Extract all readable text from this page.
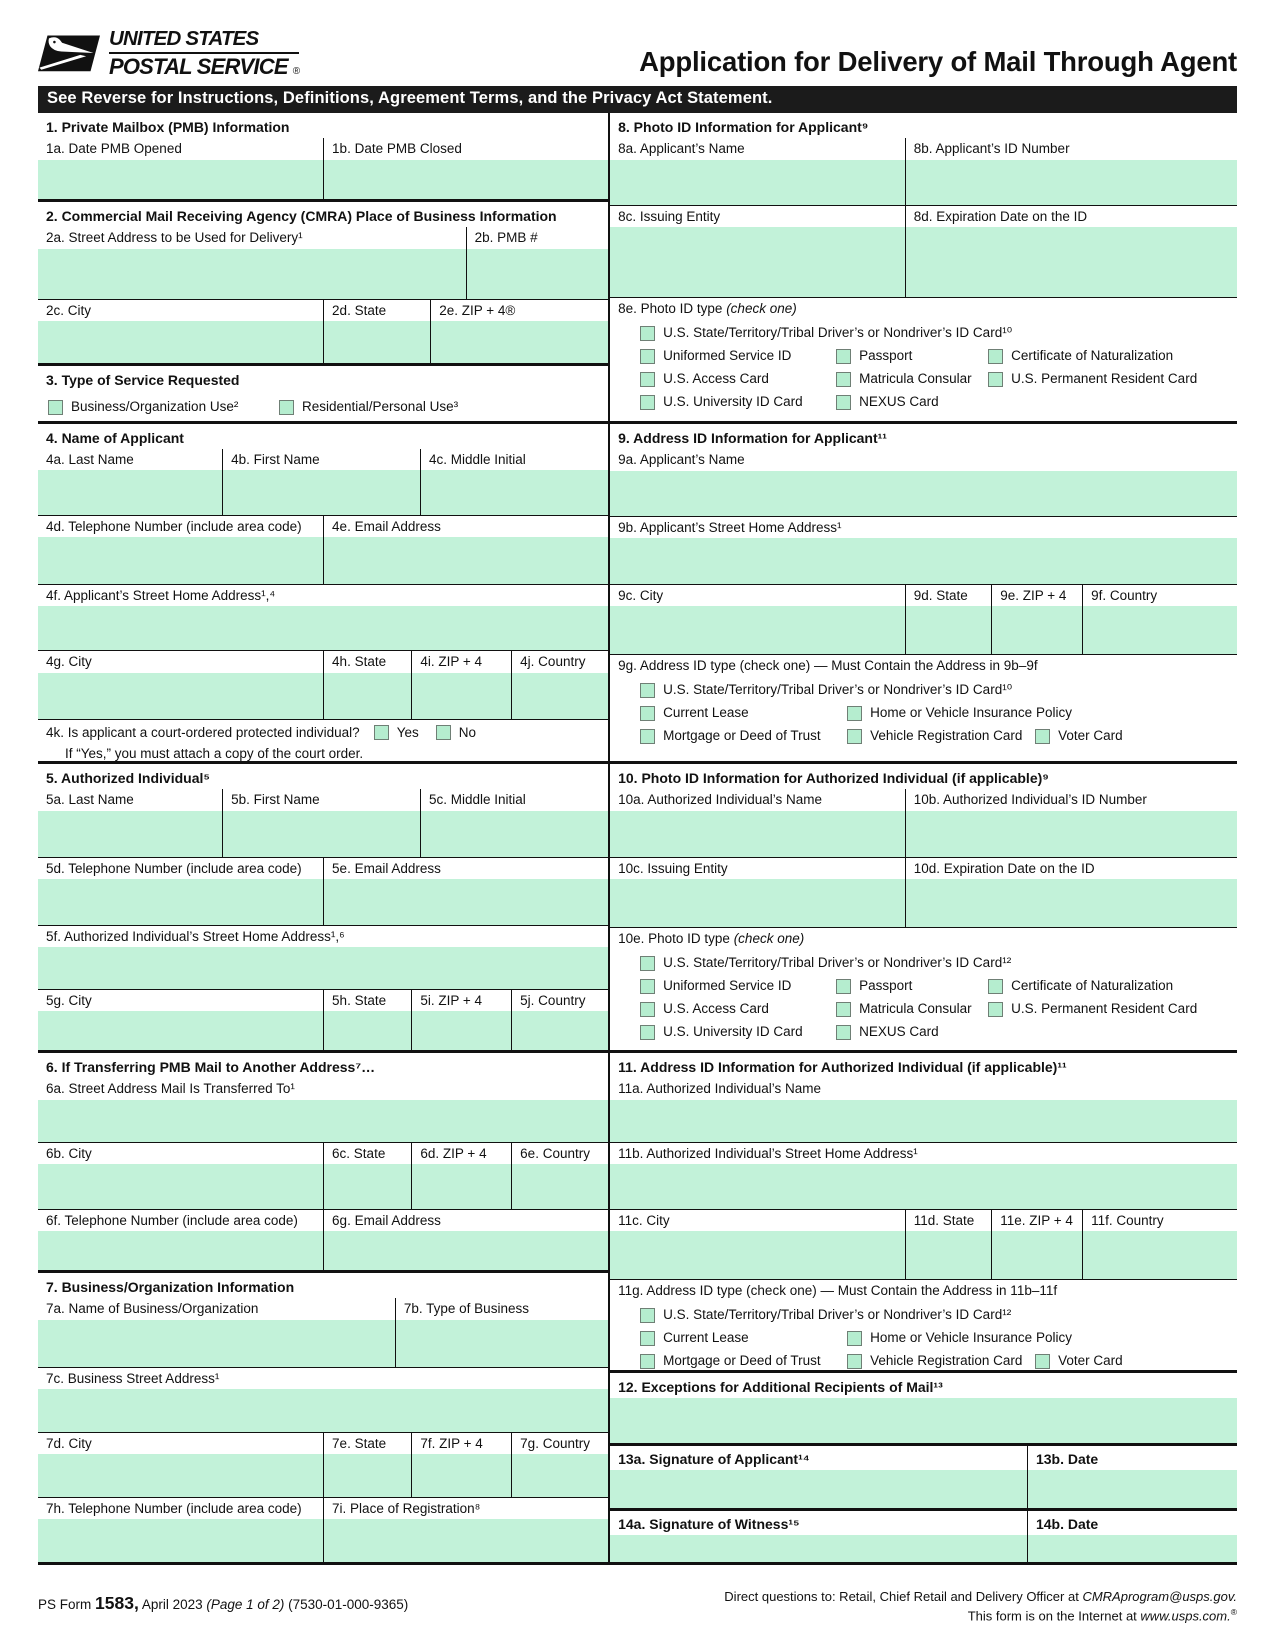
UNITED STATES
POSTAL SERVICE ®	Application for Delivery of Mail Through Agent
See Reverse for Instructions, Definitions, Agreement Terms, and the Privacy Act Statement.
1. Private Mailbox (PMB) Information
1a. Date PMB Opened	1b. Date PMB Closed
2. Commercial Mail Receiving Agency (CMRA) Place of Business Information
2a. Street Address to be Used for Delivery¹	2b. PMB #
2c. City	2d. State	2e. ZIP + 4®
3. Type of Service Requested
Business/Organization Use²	Residential/Personal Use³
4. Name of Applicant
4a. Last Name	4b. First Name	4c. Middle Initial
4d. Telephone Number (include area code)	4e. Email Address
4f. Applicant’s Street Home Address¹,⁴
4g. City	4h. State	4i. ZIP + 4	4j. Country
4k. Is applicant a court-ordered protected individual?	Yes	No
If “Yes,” you must attach a copy of the court order.
5. Authorized Individual⁵
5a. Last Name	5b. First Name	5c. Middle Initial
5d. Telephone Number (include area code)	5e. Email Address
5f. Authorized Individual’s Street Home Address¹,⁶
5g. City	5h. State	5i. ZIP + 4	5j. Country
6. If Transferring PMB Mail to Another Address⁷…
6a. Street Address Mail Is Transferred To¹
6b. City	6c. State	6d. ZIP + 4	6e. Country
6f. Telephone Number (include area code)	6g. Email Address
7. Business/Organization Information
7a. Name of Business/Organization	7b. Type of Business
7c. Business Street Address¹
7d. City	7e. State	7f. ZIP + 4	7g. Country
7h. Telephone Number (include area code)	7i. Place of Registration⁸
8. Photo ID Information for Applicant⁹
8a. Applicant’s Name	8b. Applicant’s ID Number
8c. Issuing Entity	8d. Expiration Date on the ID
8e. Photo ID type (check one)
U.S. State/Territory/Tribal Driver’s or Nondriver’s ID Card¹⁰
Uniformed Service ID	Passport	Certificate of Naturalization
U.S. Access Card	Matricula Consular	U.S. Permanent Resident Card
U.S. University ID Card	NEXUS Card
9. Address ID Information for Applicant¹¹
9a. Applicant’s Name
9b. Applicant’s Street Home Address¹
9c. City	9d. State	9e. ZIP + 4	9f. Country
9g. Address ID type (check one) — Must Contain the Address in 9b–9f
U.S. State/Territory/Tribal Driver’s or Nondriver’s ID Card¹⁰
Current Lease	Home or Vehicle Insurance Policy
Mortgage or Deed of Trust	Vehicle Registration Card	Voter Card
10. Photo ID Information for Authorized Individual (if applicable)⁹
10a. Authorized Individual’s Name	10b. Authorized Individual’s ID Number
10c. Issuing Entity	10d. Expiration Date on the ID
10e. Photo ID type (check one)
U.S. State/Territory/Tribal Driver’s or Nondriver’s ID Card¹²
Uniformed Service ID	Passport	Certificate of Naturalization
U.S. Access Card	Matricula Consular	U.S. Permanent Resident Card
U.S. University ID Card	NEXUS Card
11. Address ID Information for Authorized Individual (if applicable)¹¹
11a. Authorized Individual’s Name
11b. Authorized Individual’s Street Home Address¹
11c. City	11d. State	11e. ZIP + 4	11f. Country
11g. Address ID type (check one) — Must Contain the Address in 11b–11f
U.S. State/Territory/Tribal Driver’s or Nondriver’s ID Card¹²
Current Lease	Home or Vehicle Insurance Policy
Mortgage or Deed of Trust	Vehicle Registration Card	Voter Card
12. Exceptions for Additional Recipients of Mail¹³
13a. Signature of Applicant¹⁴	13b. Date
14a. Signature of Witness¹⁵	14b. Date
PS Form 1583, April 2023 (Page 1 of 2) (7530-01-000-9365)
Direct questions to: Retail, Chief Retail and Delivery Officer at CMRAprogram@usps.gov.
This form is on the Internet at www.usps.com.®
